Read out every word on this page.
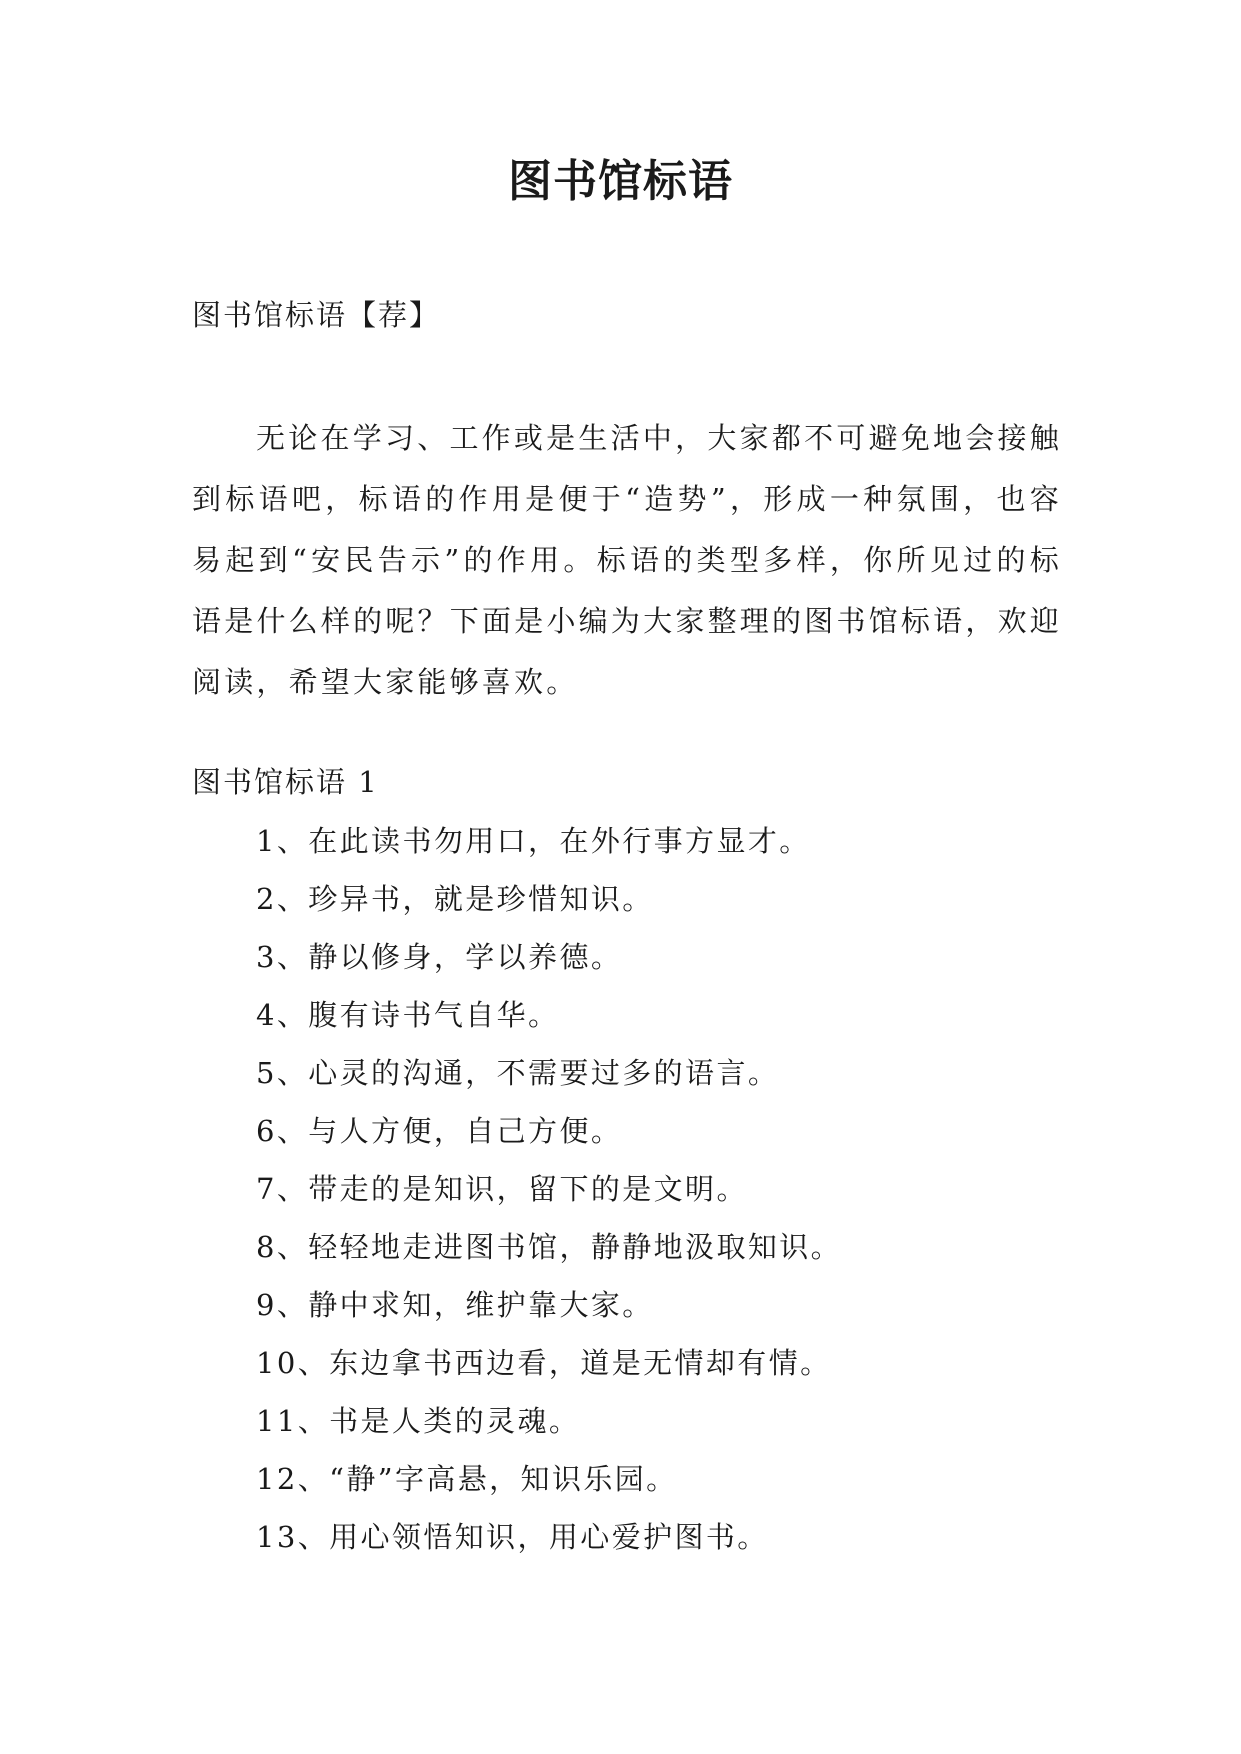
图书馆标语

图书馆标语【荐】

无论在学习、工作或是生活中，大家都不可避免地会接触到标语吧，标语的作用是便于“造势”，形成一种氛围，也容易起到“安民告示”的作用。标语的类型多样，你所见过的标语是什么样的呢？下面是小编为大家整理的图书馆标语，欢迎阅读，希望大家能够喜欢。

图书馆标语 1

1、在此读书勿用口，在外行事方显才。
2、珍异书，就是珍惜知识。
3、静以修身，学以养德。
4、腹有诗书气自华。
5、心灵的沟通，不需要过多的语言。
6、与人方便，自己方便。
7、带走的是知识，留下的是文明。
8、轻轻地走进图书馆，静静地汲取知识。
9、静中求知，维护靠大家。
10、东边拿书西边看，道是无情却有情。
11、书是人类的灵魂。
12、“静”字高悬，知识乐园。
13、用心领悟知识，用心爱护图书。
